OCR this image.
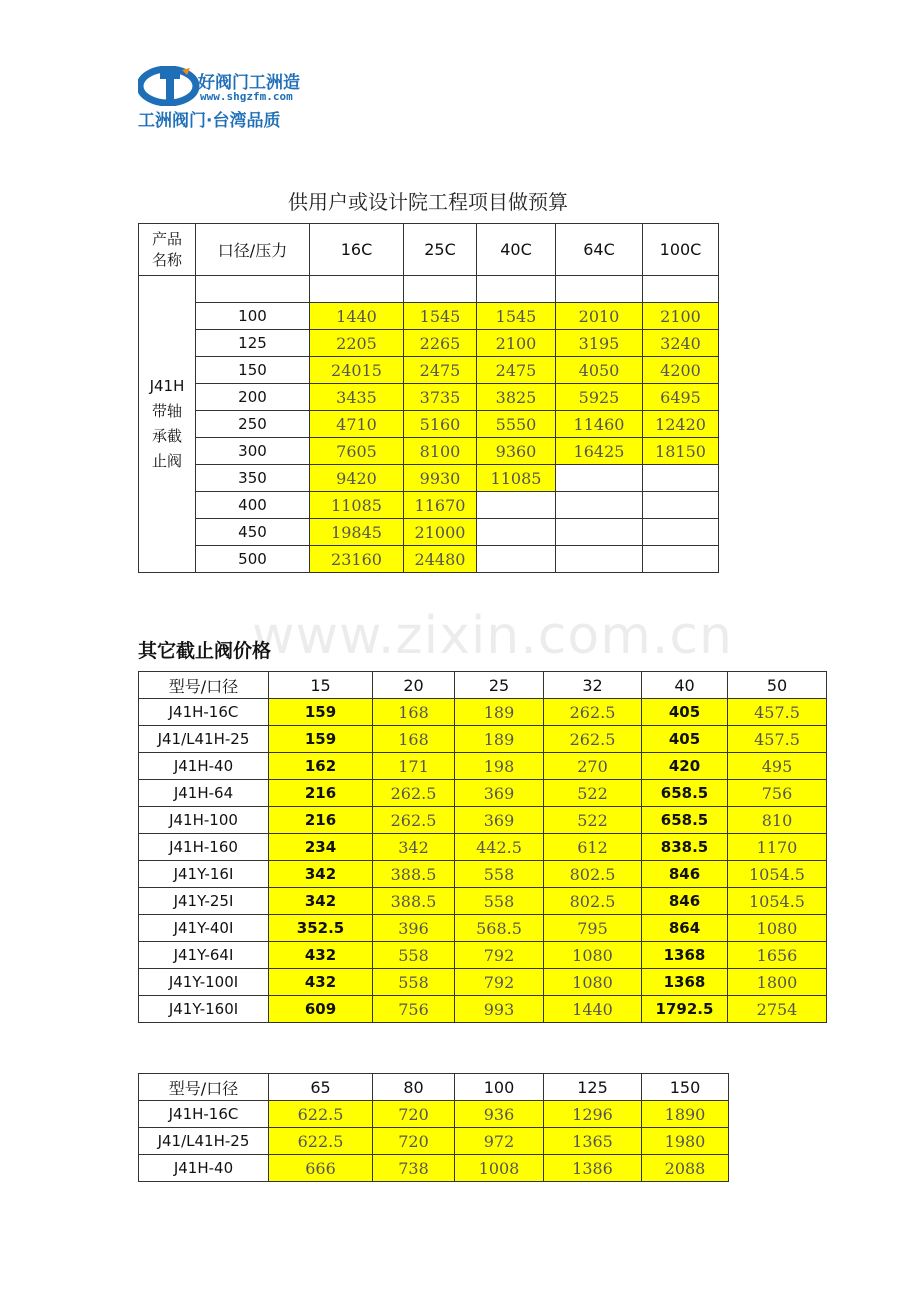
好阀门工洲造
www.shgzfm.com
工洲阀门·台湾品质
供用户或设计院工程项目做预算
产品名称	口径/压力	16C	25C	40C	64C	100C
J41H带轴承截止阀						
	100	1440	1545	1545	2010	2100
	125	2205	2265	2100	3195	3240
	150	24015	2475	2475	4050	4200
	200	3435	3735	3825	5925	6495
	250	4710	5160	5550	11460	12420
	300	7605	8100	9360	16425	18150
	350	9420	9930	11085		
	400	11085	11670			
	450	19845	21000			
	500	23160	24480			
www.zixin.com.cn
其它截止阀价格
型号/口径	15	20	25	32	40	50
J41H-16C	159	168	189	262.5	405	457.5
J41/L41H-25	159	168	189	262.5	405	457.5
J41H-40	162	171	198	270	420	495
J41H-64	216	262.5	369	522	658.5	756
J41H-100	216	262.5	369	522	658.5	810
J41H-160	234	342	442.5	612	838.5	1170
J41Y-16I	342	388.5	558	802.5	846	1054.5
J41Y-25I	342	388.5	558	802.5	846	1054.5
J41Y-40I	352.5	396	568.5	795	864	1080
J41Y-64I	432	558	792	1080	1368	1656
J41Y-100I	432	558	792	1080	1368	1800
J41Y-160I	609	756	993	1440	1792.5	2754
型号/口径	65	80	100	125	150
J41H-16C	622.5	720	936	1296	1890
J41/L41H-25	622.5	720	972	1365	1980
J41H-40	666	738	1008	1386	2088
